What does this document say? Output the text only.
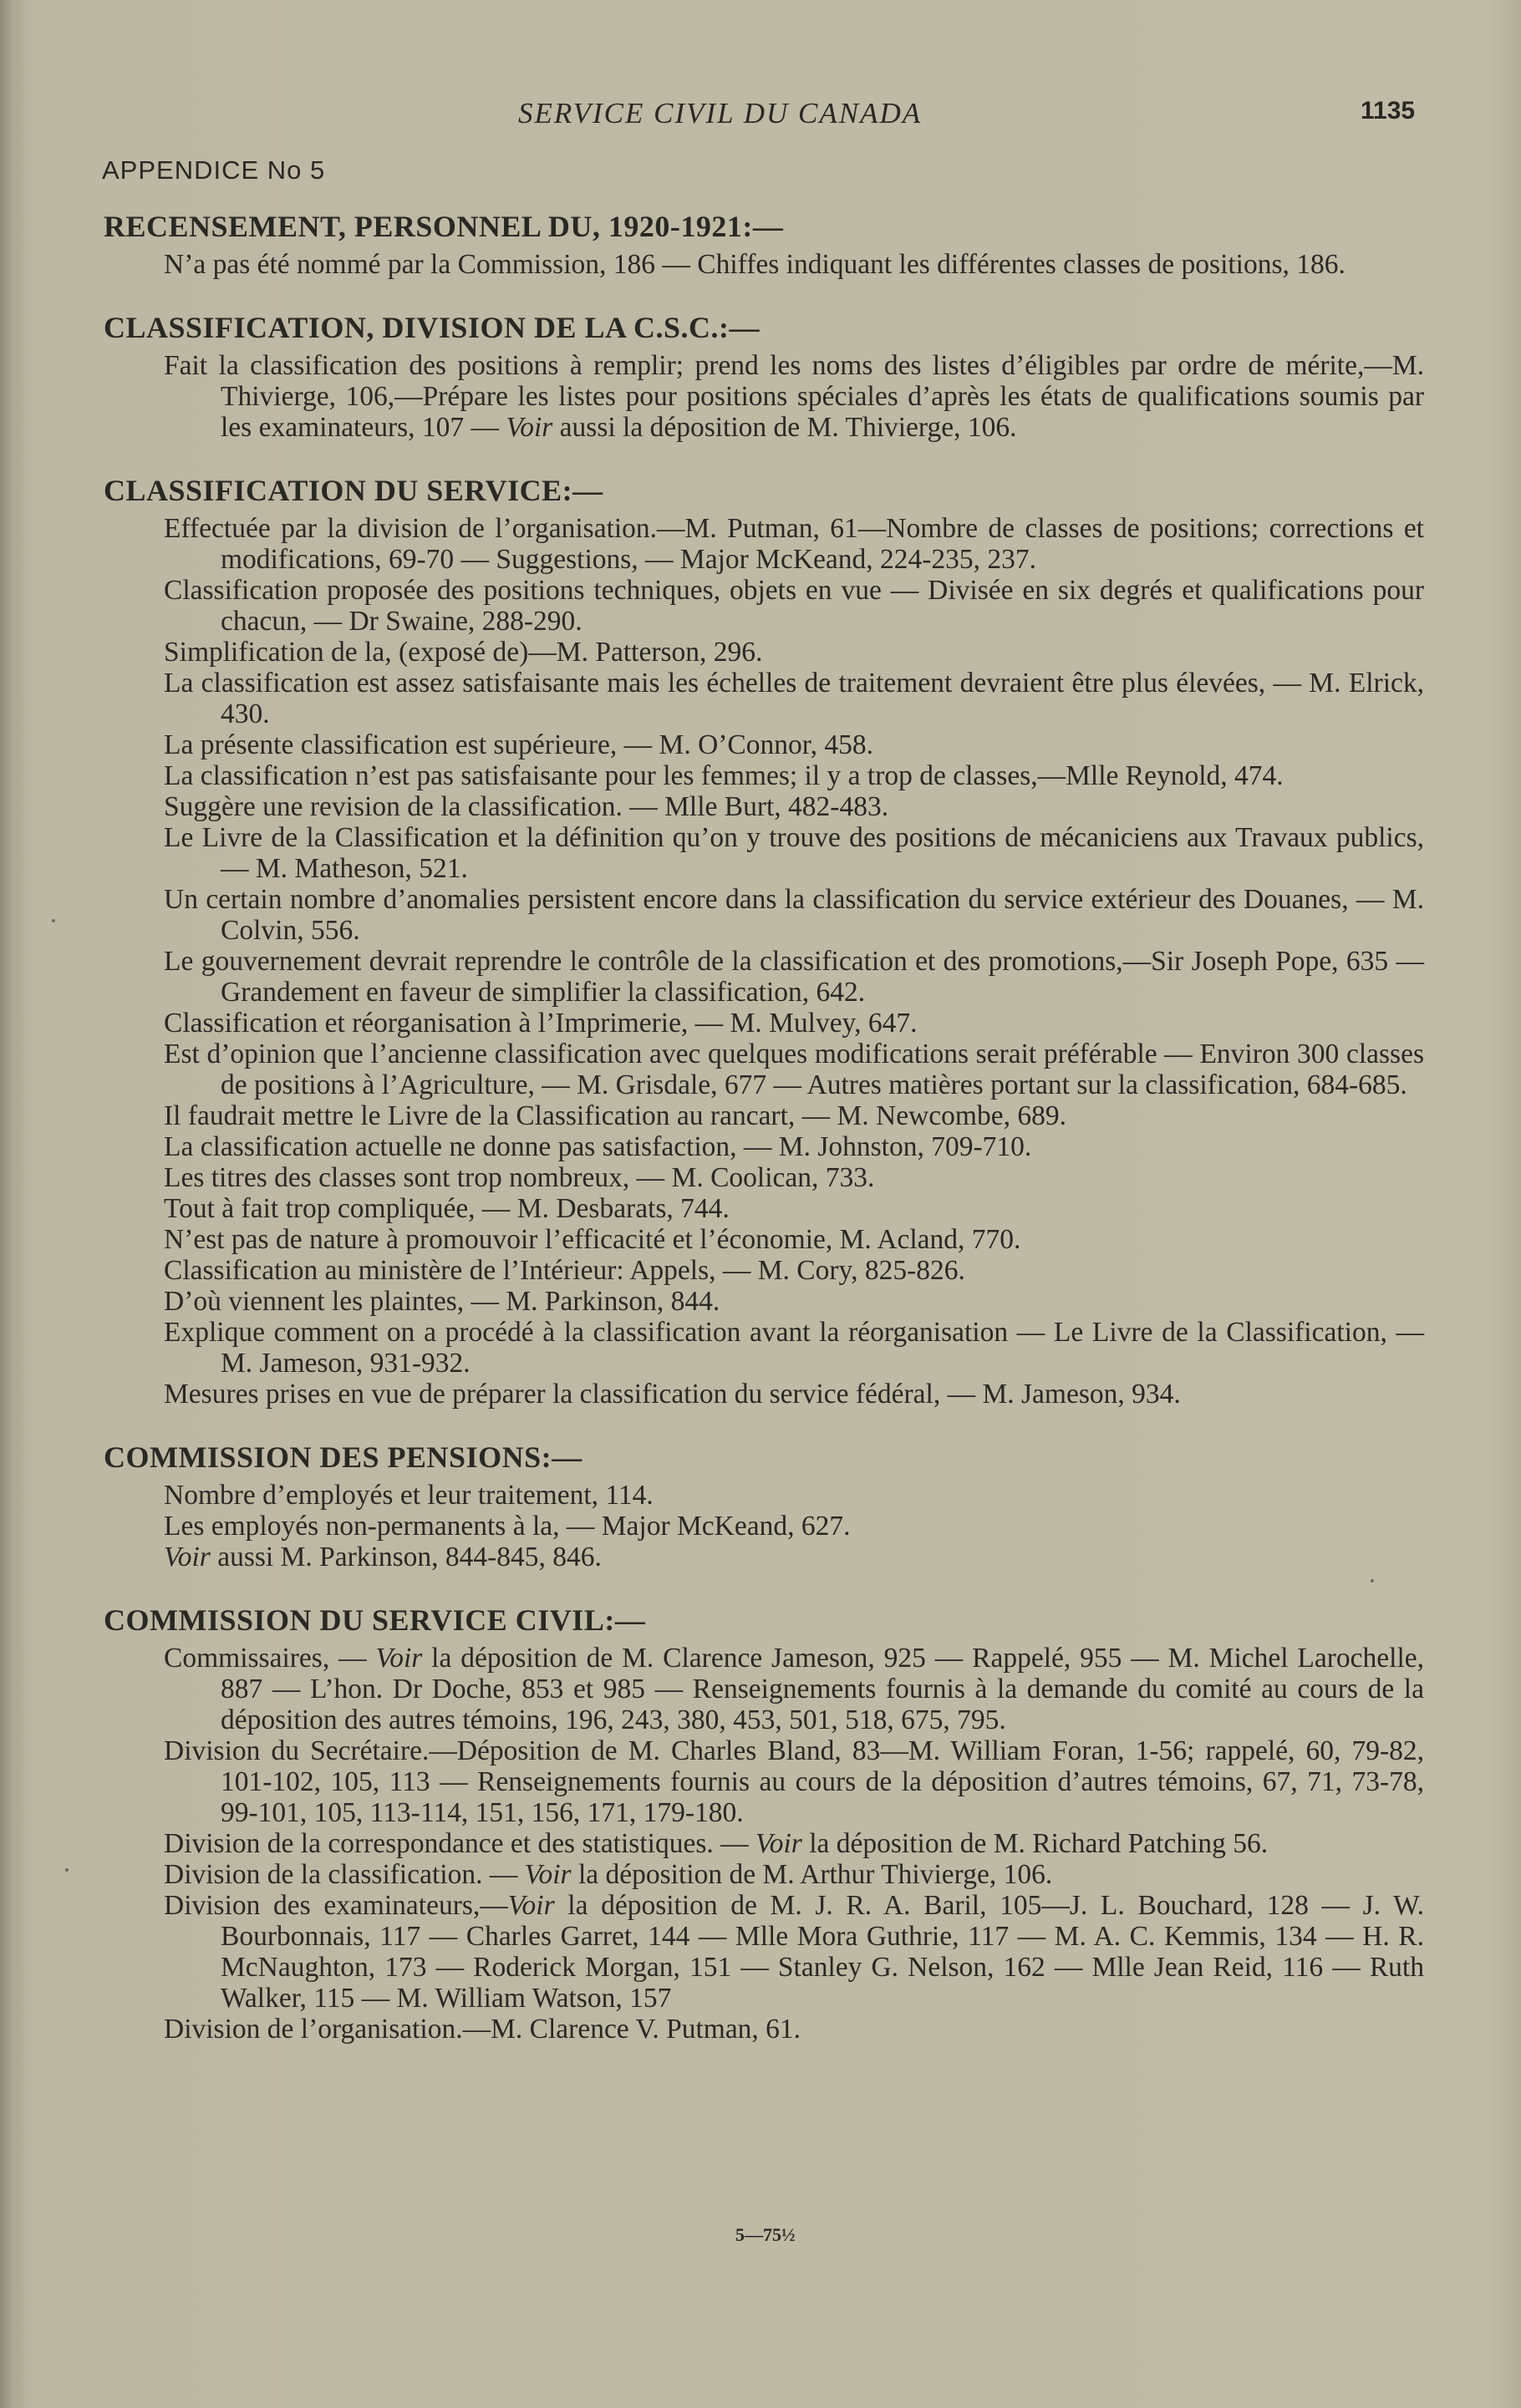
SERVICE CIVIL DU CANADA	1135
APPENDICE No 5
RECENSEMENT, PERSONNEL DU, 1920-1921:—
N’a pas été nommé par la Commission, 186 — Chiffes indiquant les différentes classes de positions, 186.
CLASSIFICATION, DIVISION DE LA C.S.C.:—
Fait la classification des positions à remplir; prend les noms des listes d’éligibles par ordre de mérite,—M. Thivierge, 106,—Prépare les listes pour positions spéciales d’après les états de qualifications soumis par les examinateurs, 107 — Voir aussi la déposition de M. Thivierge, 106.
CLASSIFICATION DU SERVICE:—
Effectuée par la division de l’organisation.—M. Putman, 61—Nombre de classes de positions; corrections et modifications, 69-70 — Suggestions, — Major McKeand, 224-235, 237.
Classification proposée des positions techniques, objets en vue — Divisée en six degrés et qualifications pour chacun, — Dr Swaine, 288-290.
Simplification de la, (exposé de)—M. Patterson, 296.
La classification est assez satisfaisante mais les échelles de traitement devraient être plus élevées, — M. Elrick, 430.
La présente classification est supérieure, — M. O’Connor, 458.
La classification n’est pas satisfaisante pour les femmes; il y a trop de classes,—Mlle Reynold, 474.
Suggère une revision de la classification. — Mlle Burt, 482-483.
Le Livre de la Classification et la définition qu’on y trouve des positions de mécaniciens aux Travaux publics, — M. Matheson, 521.
Un certain nombre d’anomalies persistent encore dans la classification du service extérieur des Douanes, — M. Colvin, 556.
Le gouvernement devrait reprendre le contrôle de la classification et des promotions,—Sir Joseph Pope, 635 — Grandement en faveur de simplifier la classification, 642.
Classification et réorganisation à l’Imprimerie, — M. Mulvey, 647.
Est d’opinion que l’ancienne classification avec quelques modifications serait préférable — Environ 300 classes de positions à l’Agriculture, — M. Grisdale, 677 — Autres matières portant sur la classification, 684-685.
Il faudrait mettre le Livre de la Classification au rancart, — M. Newcombe, 689.
La classification actuelle ne donne pas satisfaction, — M. Johnston, 709-710.
Les titres des classes sont trop nombreux, — M. Coolican, 733.
Tout à fait trop compliquée, — M. Desbarats, 744.
N’est pas de nature à promouvoir l’efficacité et l’économie, M. Acland, 770.
Classification au ministère de l’Intérieur: Appels, — M. Cory, 825-826.
D’où viennent les plaintes, — M. Parkinson, 844.
Explique comment on a procédé à la classification avant la réorganisation — Le Livre de la Classification, — M. Jameson, 931-932.
Mesures prises en vue de préparer la classification du service fédéral, — M. Jameson, 934.
COMMISSION DES PENSIONS:—
Nombre d’employés et leur traitement, 114.
Les employés non-permanents à la, — Major McKeand, 627.
Voir aussi M. Parkinson, 844-845, 846.
COMMISSION DU SERVICE CIVIL:—
Commissaires, — Voir la déposition de M. Clarence Jameson, 925 — Rappelé, 955 — M. Michel Larochelle, 887 — L’hon. Dr Doche, 853 et 985 — Renseignements fournis à la demande du comité au cours de la déposition des autres témoins, 196, 243, 380, 453, 501, 518, 675, 795.
Division du Secrétaire.—Déposition de M. Charles Bland, 83—M. William Foran, 1-56; rappelé, 60, 79-82, 101-102, 105, 113 — Renseignements fournis au cours de la déposition d’autres témoins, 67, 71, 73-78, 99-101, 105, 113-114, 151, 156, 171, 179-180.
Division de la correspondance et des statistiques. — Voir la déposition de M. Richard Patching 56.
Division de la classification. — Voir la déposition de M. Arthur Thivierge, 106.
Division des examinateurs,—Voir la déposition de M. J. R. A. Baril, 105—J. L. Bouchard, 128 — J. W. Bourbonnais, 117 — Charles Garret, 144 — Mlle Mora Guthrie, 117 — M. A. C. Kemmis, 134 — H. R. McNaughton, 173 — Roderick Morgan, 151 — Stanley G. Nelson, 162 — Mlle Jean Reid, 116 — Ruth Walker, 115 — M. William Watson, 157
Division de l’organisation.—M. Clarence V. Putman, 61.
5—75½
